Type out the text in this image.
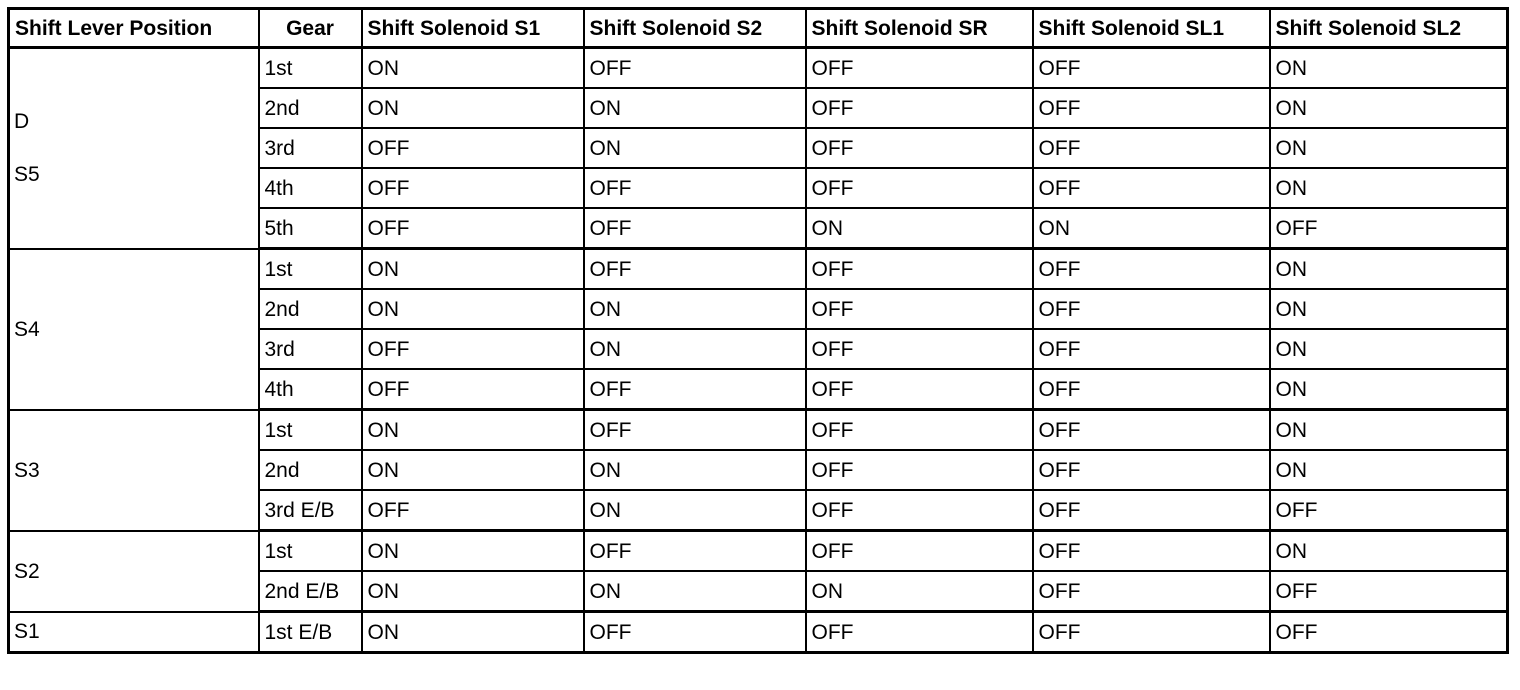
Shift Lever Position	Gear	Shift Solenoid S1	Shift Solenoid S2	Shift Solenoid SR	Shift Solenoid SL1	Shift Solenoid SL2

D
S5	1st	ON	OFF	OFF	OFF	ON
	2nd	ON	ON	OFF	OFF	ON
	3rd	OFF	ON	OFF	OFF	ON
	4th	OFF	OFF	OFF	OFF	ON
	5th	OFF	OFF	ON	ON	OFF

S4	1st	ON	OFF	OFF	OFF	ON
	2nd	ON	ON	OFF	OFF	ON
	3rd	OFF	ON	OFF	OFF	ON
	4th	OFF	OFF	OFF	OFF	ON

S3	1st	ON	OFF	OFF	OFF	ON
	2nd	ON	ON	OFF	OFF	ON
	3rd E/B	OFF	ON	OFF	OFF	OFF

S2	1st	ON	OFF	OFF	OFF	ON
	2nd E/B	ON	ON	ON	OFF	OFF

S1	1st E/B	ON	OFF	OFF	OFF	OFF
